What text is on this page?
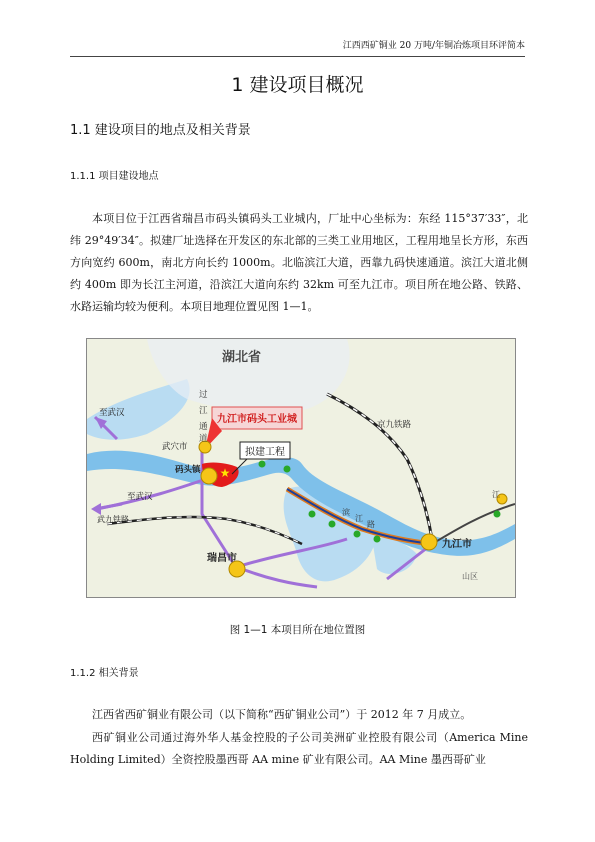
江西西矿铜业 20 万吨/年铜冶炼项目环评简本
1 建设项目概况
1.1 建设项目的地点及相关背景
1.1.1 项目建设地点
本项目位于江西省瑞昌市码头镇码头工业城内，厂址中心坐标为：东经 115°37′33″，北纬 29°49′34″。拟建厂址选择在开发区的东北部的三类工业用地区，工程用地呈长方形，东西方向宽约 600m，南北方向长约 1000m。北临滨江大道，西靠九码快速通道。滨江大道北侧约 400m 即为长江主河道，沿滨江大道向东约 32km 可至九江市。项目所在地公路、铁路、水路运输均较为便利。本项目地理位置见图 1—1。
九江市码头工业城
拟建工程
★
湖北省
至武汉
至武汉
武九铁路
武穴市
码头镇
瑞昌市
九江市
京九铁路
过
江
通
道
滨
江
路
江
山区
图 1—1 本项目所在地位置图
1.1.2 相关背景
江西省西矿铜业有限公司（以下简称“西矿铜业公司”）于 2012 年 7 月成立。
西矿铜业公司通过海外华人基金控股的子公司美洲矿业控股有限公司（America Mine Holding Limited）全资控股墨西哥 AA mine 矿业有限公司。AA Mine 墨西哥矿业
